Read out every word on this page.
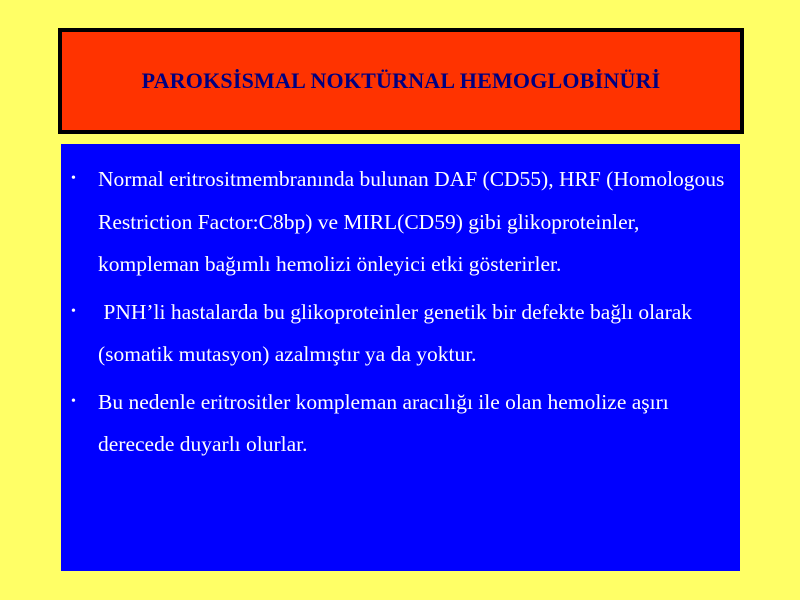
PAROKSİSMAL NOKTÜRNAL HEMOGLOBİNÜRİ
• Normal eritrositmembranında bulunan DAF (CD55), HRF (Homologous Restriction Factor:C8bp) ve MIRL(CD59) gibi glikoproteinler, kompleman bağımlı hemolizi önleyici etki gösterirler.
• PNH’li hastalarda bu glikoproteinler genetik bir defekte bağlı olarak (somatik mutasyon) azalmıştır ya da yoktur.
• Bu nedenle eritrositler kompleman aracılığı ile olan hemolize aşırı derecede duyarlı olurlar.
